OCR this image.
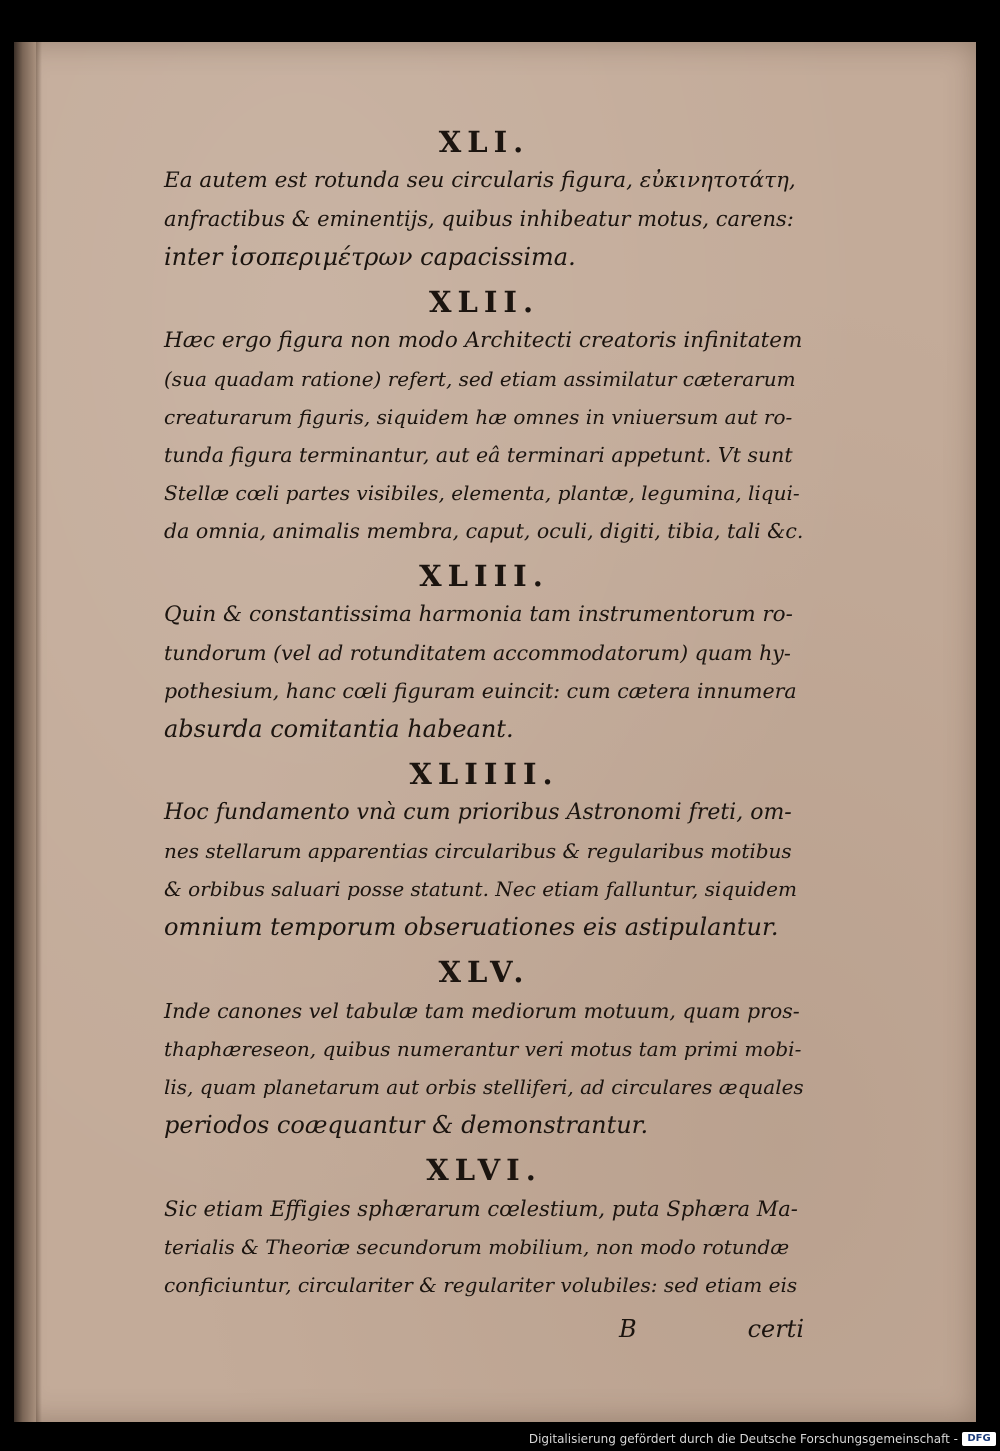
XLI.

Ea autem est rotunda seu circularis figura, εὐκινητοτάτη,

anfractibus & eminentijs, quibus inhibeatur motus, carens:

inter ἰσοπεριμέτρων capacissima.

XLII.

Hæc ergo figura non modo Architecti creatoris infinitatem

(sua quadam ratione) refert, sed etiam assimilatur cæterarum

creaturarum figuris, siquidem hæ omnes in vniuersum aut ro-

tunda figura terminantur, aut eâ terminari appetunt. Vt sunt

Stellæ cœli partes visibiles, elementa, plantæ, legumina, liqui-

da omnia, animalis membra, caput, oculi, digiti, tibia, tali &c.

XLIII.

Quin & constantissima harmonia tam instrumentorum ro-

tundorum (vel ad rotunditatem accommodatorum) quam hy-

pothesium, hanc cœli figuram euincit: cum cætera innumera

absurda comitantia habeant.

XLIIII.

Hoc fundamento vnà cum prioribus Astronomi freti, om-

nes stellarum apparentias circularibus & regularibus motibus

& orbibus saluari posse statunt. Nec etiam falluntur, siquidem

omnium temporum obseruationes eis astipulantur.

XLV.

Inde canones vel tabulæ tam mediorum motuum, quam pros-

thaphæreseon, quibus numerantur veri motus tam primi mobi-

lis, quam planetarum aut orbis stelliferi, ad circulares æquales

periodos coæquantur & demonstrantur.

XLVI.

Sic etiam Effigies sphærarum cœlestium, puta Sphæra Ma-

terialis & Theoriæ secundorum mobilium, non modo rotundæ

conficiuntur, circulariter & regulariter volubiles: sed etiam eis

B	certi
Digitalisierung gefördert durch die Deutsche Forschungsgemeinschaft - DFG
